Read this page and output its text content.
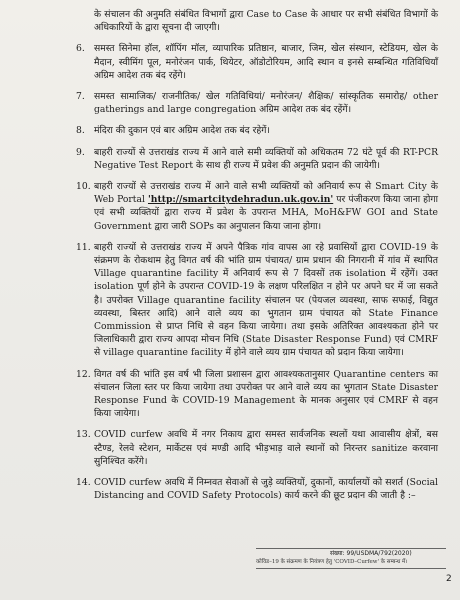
के संचालन की अनुमति संबंधित विभागों द्वारा Case to Case के आधार पर सभी संबंधित विभागों के अधिकारियों के द्वारा सूचना दी जाएगी।
6.	समस्त सिनेमा हॉल, शॉपिंग मॉल, व्यापारिक प्रतिष्ठान, बाजार, जिम, खेल संस्थान, स्टेडियम, खेल के मैदान, स्वीमिंग पूल, मनोरंजन पार्क, थियेटर, ऑडोटोरियम, आदि स्थान व इनसे सम्बन्धित गतिविधियाँ अग्रिम आदेश तक बंद रहेंगे।
7.	समस्त सामाजिक/ राजनीतिक/ खेल गतिविधियां/ मनोरंजन/ शैक्षिक/ सांस्कृतिक समारोह/ other gatherings and large congregation अग्रिम आदेश तक बंद रहेंगें।
8.	मंदिरा की दुकान एवं बार अग्रिम आदेश तक बंद रहेगें।
9.	बाहरी राज्यों से उत्तराखंड राज्य में आने वाले समी व्यक्तियों को अधिकतम 72 घंटे पूर्व की RT-PCR Negative Test Report के साथ ही राज्य में प्रवेश की अनुमति प्रदान की जायेगी।
10. बाहरी राज्यों से उत्तराखंड राज्य में आने वाले सभी व्यक्तियों को अनिवार्य रूप से Smart City के Web Portal 'http://smartcitydehradun.uk.gov.in' पर पंजीकरण किया जाना होगा एवं सभी व्यक्तियों द्वारा राज्य में प्रवेश के उपरान्त MHA, MoH&FW GOI and State Government द्वारा जारी SOPs का अनुपालन किया जाना होगा।
11. बाहरी राज्यों से उत्तराखंड राज्य में अपने पैत्रिक गांव वापस आ रहे प्रवासियों द्वारा COVID-19 के संक्रमण के रोकथाम हेतु विगत वर्ष की भांति ग्राम पंचायत/ ग्राम प्रधान की निगरानी में गांव में स्थापित Village quarantine facility में अनिवार्य रूप से 7 दिवसों तक isolation में रहेंगें। उक्त isolation पूर्ण होने के उपरान्त COVID-19 के लक्षण परिलक्षित न होने पर अपने घर में जा सकते है। उपरोक्त Village quarantine facility संचालन पर (पेयजल व्यवस्था, साफ सफाई, विद्युत व्यवस्था, बिस्तर आदि) आने वाले व्यय का भुगतान ग्राम पंचायत को State Finance Commission से प्राप्त निधि से वहन किया जायेगा। तथा इसके अतिरिक्त आवश्यकता होने पर जिलाधिकारी द्वारा राज्य आपदा मोचन निधि (State Disaster Response Fund) एवं CMRF से village quarantine facility में होने वाले व्यय ग्राम पंचायत को प्रदान किया जायेगा।
12. विगत वर्ष की भांति इस वर्ष भी जिला प्रशासन द्वारा आवश्यकतानुसार Quarantine centers का संचालन जिला स्तर पर किया जायेगा तथा उपरोक्त पर आने वाले व्यय का भुगतान State Disaster Response Fund के COVID-19 Management के मानक अनुसार एवं CMRF से वहन किया जायेगा।
13. COVID curfew अवधि में नगर निकाय द्वारा समस्त सार्वजनिक स्थलों यथा आवासीय क्षेत्रों, बस स्टैण्ड, रेलवे स्टेशन, मार्केटस एवं मण्डी आदि भीड़भाड़ वाले स्थानों को निरन्तर sanitize करवाना सुनिश्चित करेंगे।
14. COVID curfew अवधि में निम्नवत सेवाओं से जुड़े व्यक्तियों, दुकानों, कार्यालयों को सशर्त (Social Distancing and COVID Safety Protocols) कार्य करने की छूट प्रदान की जाती है :–
संख्या: 99/USDMA/792(2020)
कोविड–19 के संक्रमण के नियंत्रण हेतु 'COVID–Curfew' के सम्बन्ध में।
2
